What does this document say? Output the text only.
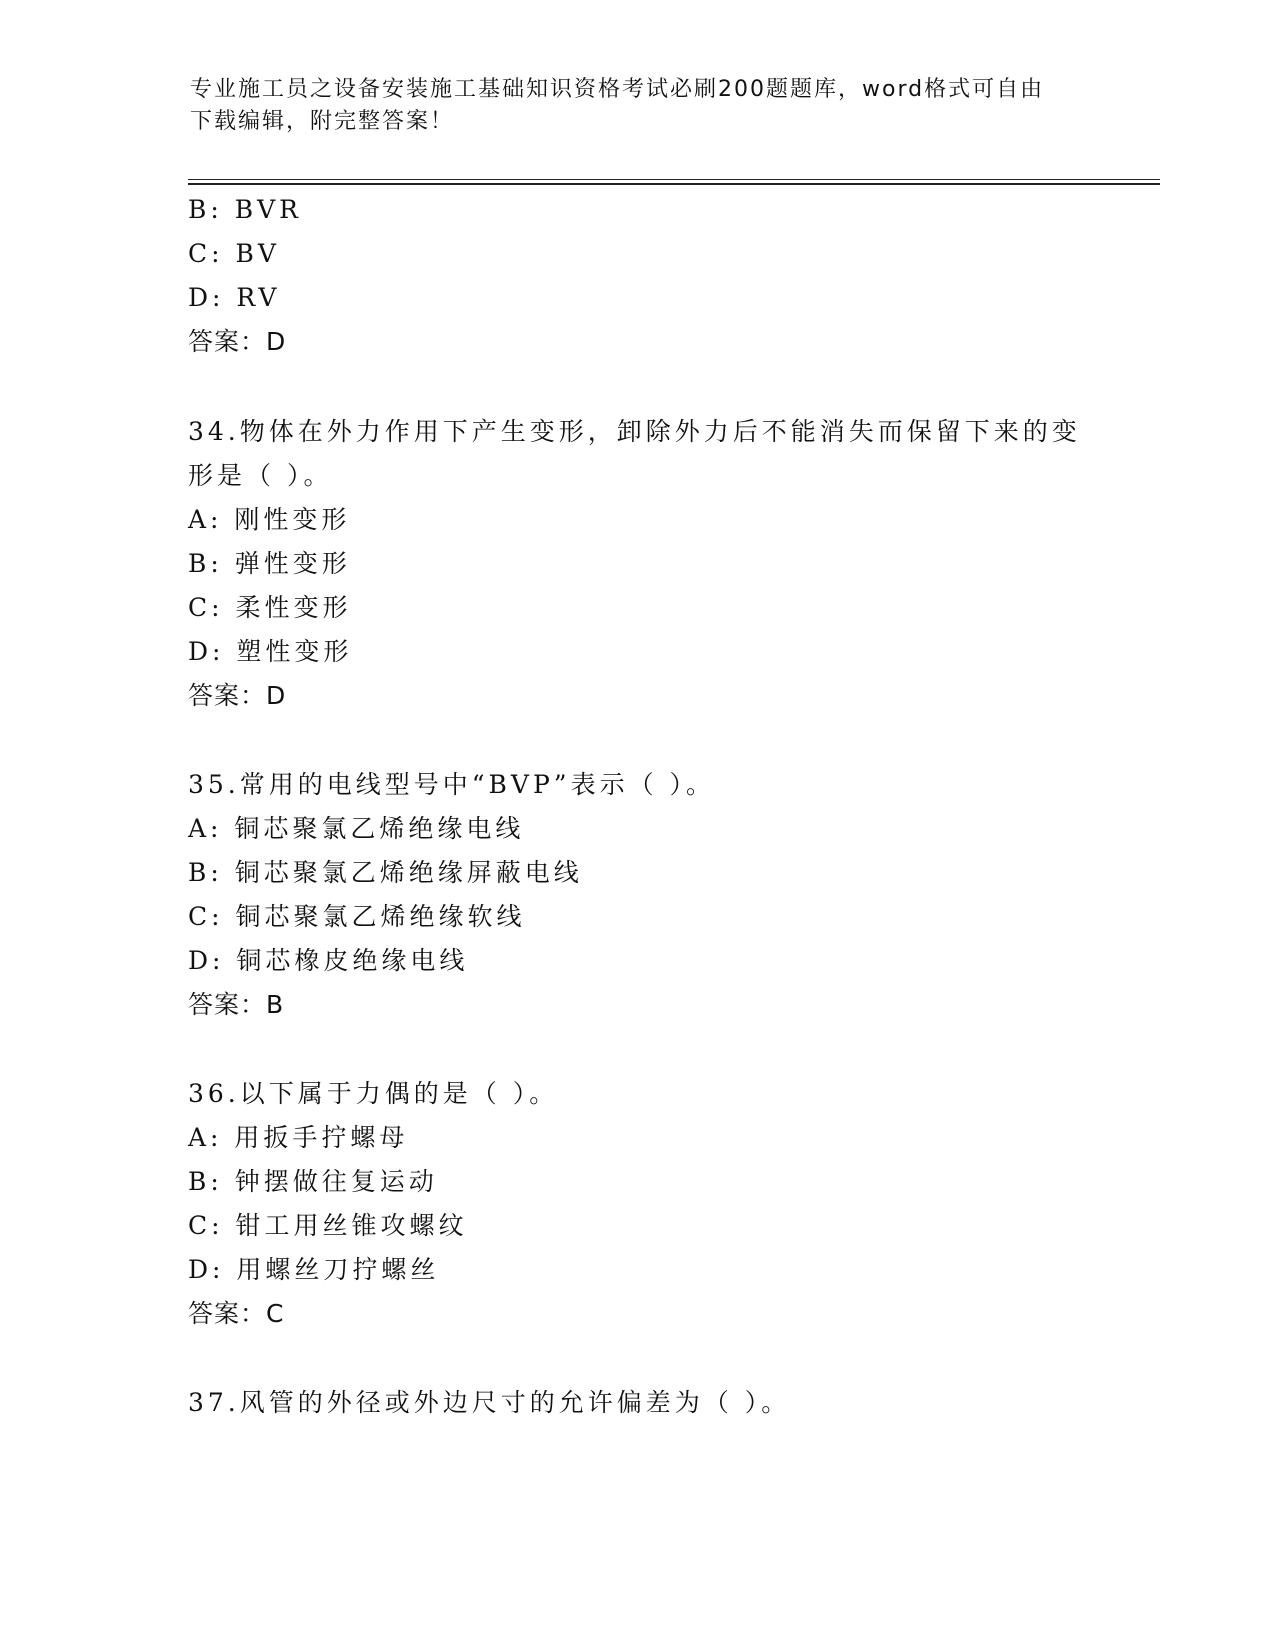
专业施工员之设备安装施工基础知识资格考试必刷200题题库，word格式可自由
下载编辑，附完整答案！
B: BVR
C: BV
D: RV
答案：D
34.物体在外力作用下产生变形，卸除外力后不能消失而保留下来的变
形是（ ）。
A: 刚性变形
B: 弹性变形
C: 柔性变形
D: 塑性变形
答案：D
35.常用的电线型号中“BVP”表示（ ）。
A: 铜芯聚氯乙烯绝缘电线
B: 铜芯聚氯乙烯绝缘屏蔽电线
C: 铜芯聚氯乙烯绝缘软线
D: 铜芯橡皮绝缘电线
答案：B
36.以下属于力偶的是（ ）。
A: 用扳手拧螺母
B: 钟摆做往复运动
C: 钳工用丝锥攻螺纹
D: 用螺丝刀拧螺丝
答案：C
37.风管的外径或外边尺寸的允许偏差为（ ）。
